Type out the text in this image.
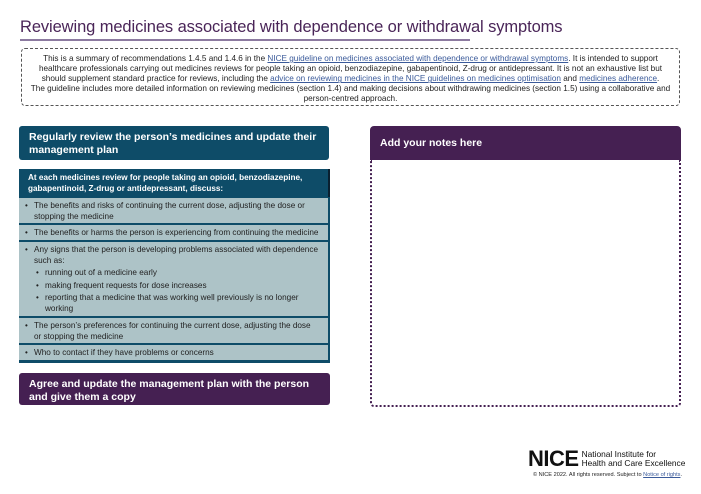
Reviewing medicines associated with dependence or withdrawal symptoms
This is a summary of recommendations 1.4.5 and 1.4.6 in the NICE guideline on medicines associated with dependence or withdrawal symptoms. It is intended to support healthcare professionals carrying out medicines reviews for people taking an opioid, benzodiazepine, gabapentinoid, Z-drug or antidepressant. It is not an exhaustive list but should supplement standard practice for reviews, including the advice on reviewing medicines in the NICE guidelines on medicines optimisation and medicines adherence.
The guideline includes more detailed information on reviewing medicines (section 1.4) and making decisions about withdrawing medicines (section 1.5) using a collaborative and person-centred approach.
Regularly review the person’s medicines and update their management plan
At each medicines review for people taking an opioid, benzodiazepine, gabapentinoid, Z-drug or antidepressant, discuss:
• The benefits and risks of continuing the current dose, adjusting the dose or stopping the medicine
• The benefits or harms the person is experiencing from continuing the medicine
• Any signs that the person is developing problems associated with dependence such as:
• running out of a medicine early
• making frequent requests for dose increases
• reporting that a medicine that was working well previously is no longer working
• The person’s preferences for continuing the current dose, adjusting the dose or stopping the medicine
• Who to contact if they have problems or concerns
Agree and update the management plan with the person and give them a copy
Add your notes here
NICE National Institute for
Health and Care Excellence
© NICE 2022. All rights reserved. Subject to Notice of rights.
